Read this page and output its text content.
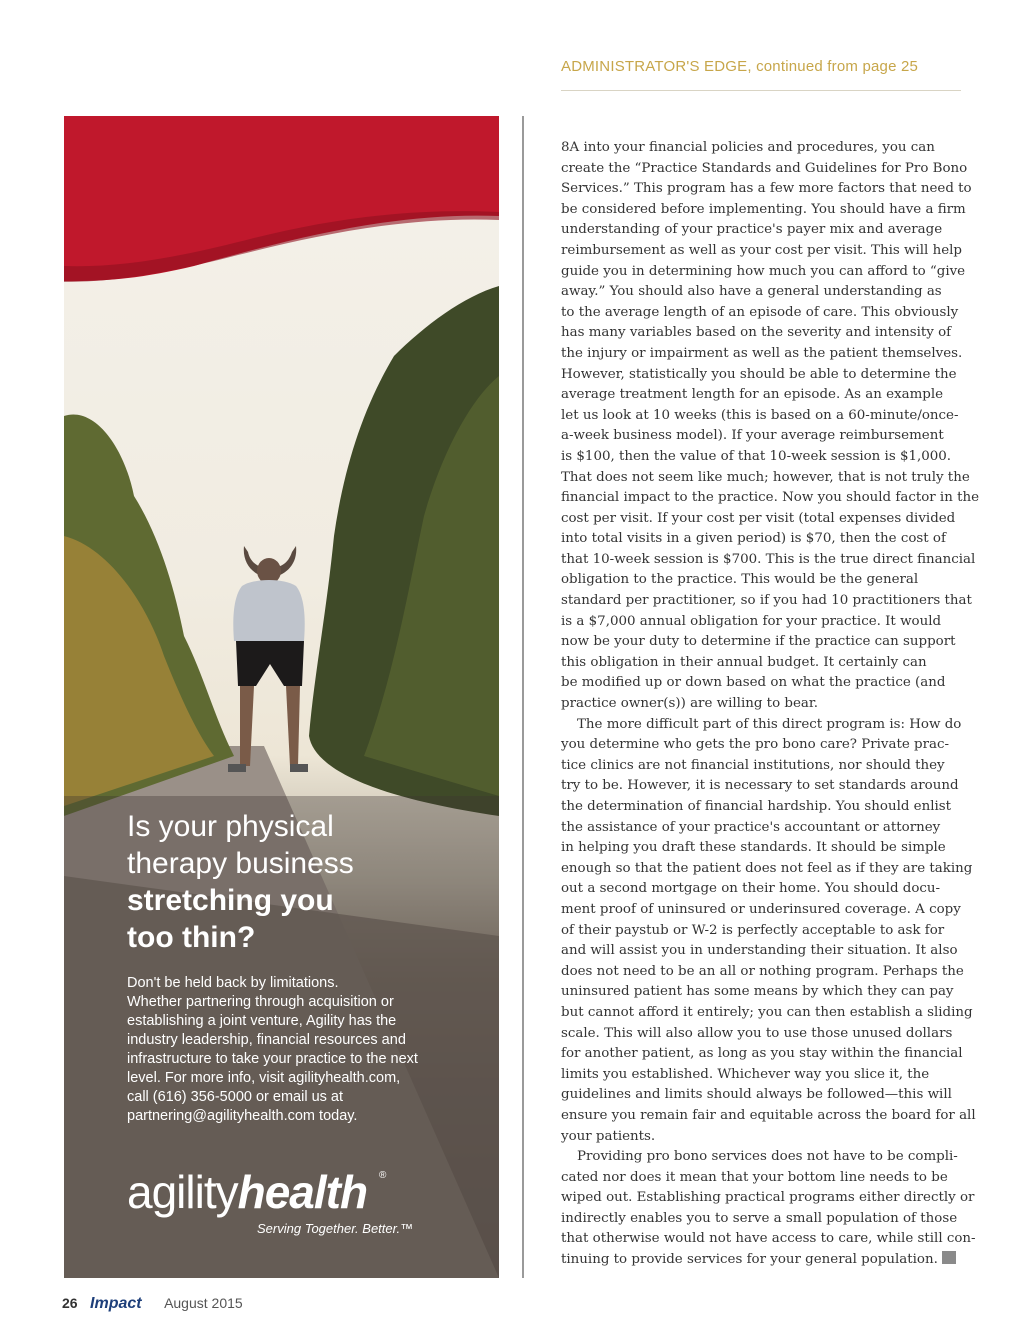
ADMINISTRATOR'S EDGE, continued from page 25
Is your physical
therapy business
stretching you
too thin?
Don't be held back by limitations.
Whether partnering through acquisition or
establishing a joint venture, Agility has the
industry leadership, financial resources and
infrastructure to take your practice to the next
level. For more info, visit agilityhealth.com,
call (616) 356-5000 or email us at
partnering@agilityhealth.com today.
agilityhealth ®
Serving Together. Better.™
8A into your financial policies and procedures, you can
create the “Practice Standards and Guidelines for Pro Bono
Services.” This program has a few more factors that need to
be considered before implementing. You should have a firm
understanding of your practice's payer mix and average
reimbursement as well as your cost per visit. This will help
guide you in determining how much you can afford to “give
away.” You should also have a general understanding as
to the average length of an episode of care. This obviously
has many variables based on the severity and intensity of
the injury or impairment as well as the patient themselves.
However, statistically you should be able to determine the
average treatment length for an episode. As an example
let us look at 10 weeks (this is based on a 60-minute/once-
a-week business model). If your average reimbursement
is $100, then the value of that 10-week session is $1,000.
That does not seem like much; however, that is not truly the
financial impact to the practice. Now you should factor in the
cost per visit. If your cost per visit (total expenses divided
into total visits in a given period) is $70, then the cost of
that 10-week session is $700. This is the true direct financial
obligation to the practice. This would be the general
standard per practitioner, so if you had 10 practitioners that
is a $7,000 annual obligation for your practice. It would
now be your duty to determine if the practice can support
this obligation in their annual budget. It certainly can
be modified up or down based on what the practice (and
practice owner(s)) are willing to bear.
The more difficult part of this direct program is: How do
you determine who gets the pro bono care? Private prac-
tice clinics are not financial institutions, nor should they
try to be. However, it is necessary to set standards around
the determination of financial hardship. You should enlist
the assistance of your practice's accountant or attorney
in helping you draft these standards. It should be simple
enough so that the patient does not feel as if they are taking
out a second mortgage on their home. You should docu-
ment proof of uninsured or underinsured coverage. A copy
of their paystub or W-2 is perfectly acceptable to ask for
and will assist you in understanding their situation. It also
does not need to be an all or nothing program. Perhaps the
uninsured patient has some means by which they can pay
but cannot afford it entirely; you can then establish a sliding
scale. This will also allow you to use those unused dollars
for another patient, as long as you stay within the financial
limits you established. Whichever way you slice it, the
guidelines and limits should always be followed—this will
ensure you remain fair and equitable across the board for all
your patients.
Providing pro bono services does not have to be compli-
cated nor does it mean that your bottom line needs to be
wiped out. Establishing practical programs either directly or
indirectly enables you to serve a small population of those
that otherwise would not have access to care, while still con-
tinuing to provide services for your general population.
26 Impact August 2015
